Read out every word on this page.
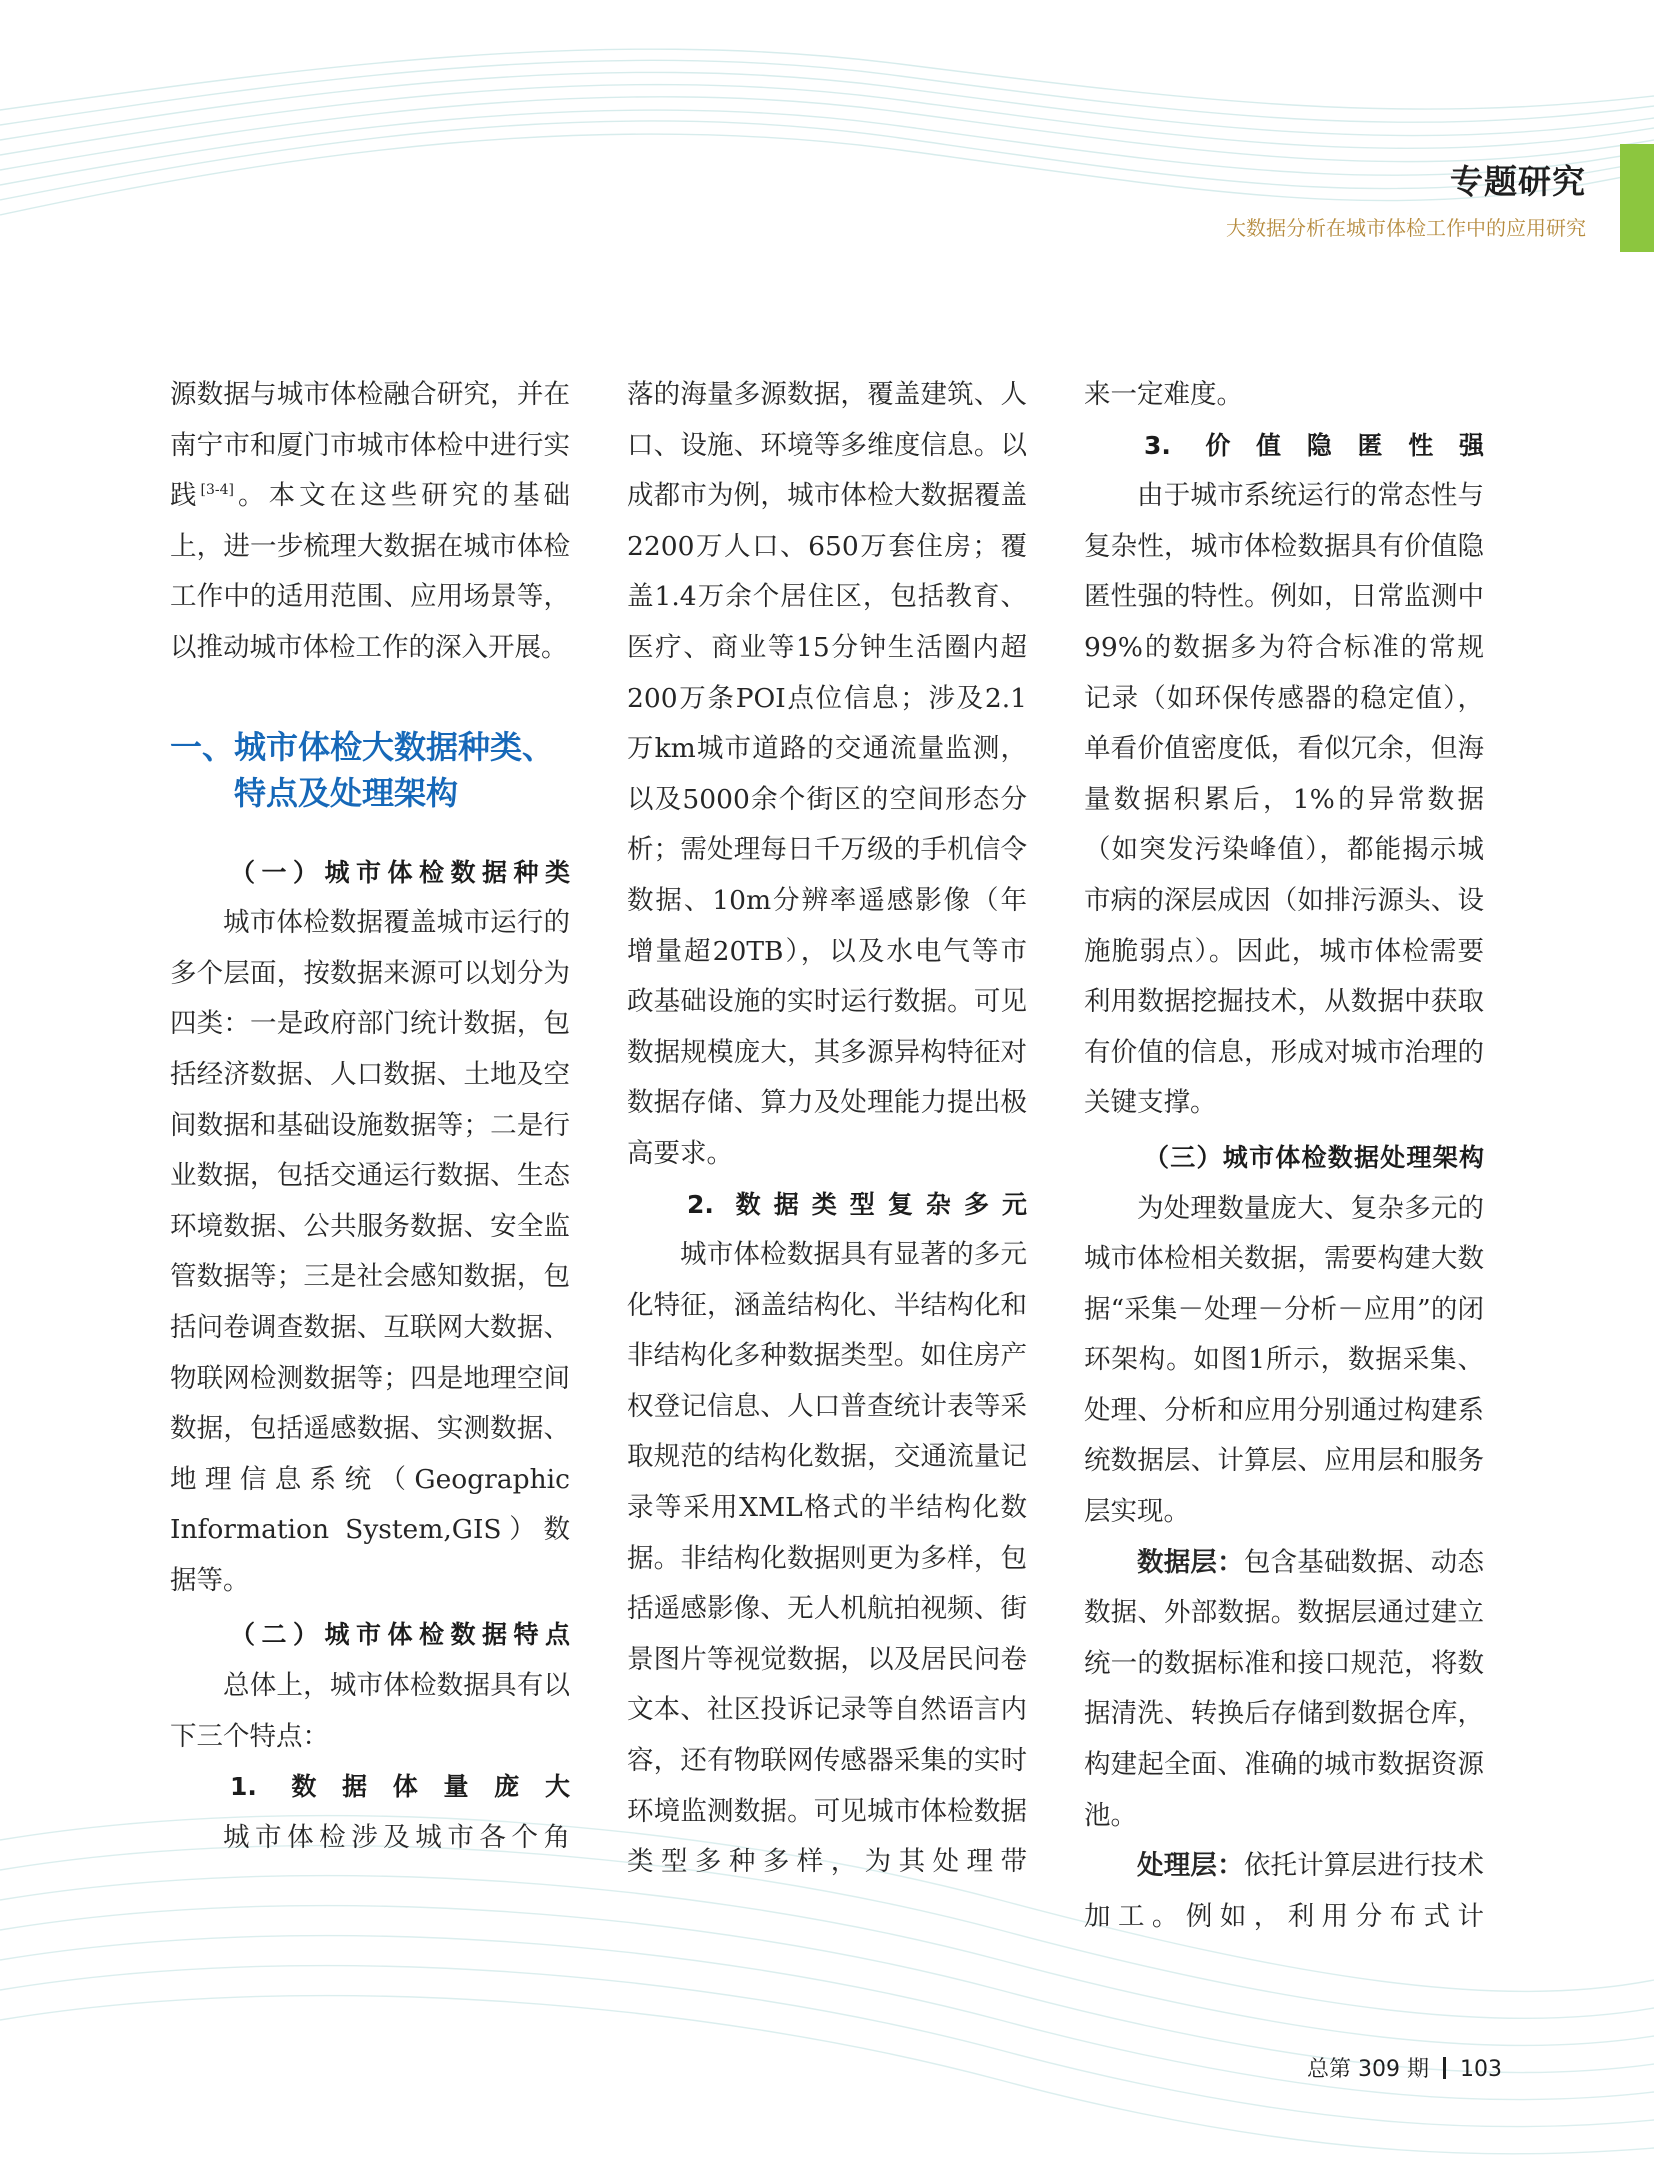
专题研究
大数据分析在城市体检工作中的应用研究

源数据与城市体检融合研究，并在南宁市和厦门市城市体检中进行实践[3-4]。本文在这些研究的基础上，进一步梳理大数据在城市体检工作中的适用范围、应用场景等，以推动城市体检工作的深入开展。

一、 城市体检大数据种类、特点及处理架构

（一）城市体检数据种类

城市体检数据覆盖城市运行的多个层面，按数据来源可以划分为四类：一是政府部门统计数据，包括经济数据、人口数据、土地及空间数据和基础设施数据等；二是行业数据，包括交通运行数据、生态环境数据、公共服务数据、安全监管数据等；三是社会感知数据，包括问卷调查数据、互联网大数据、物联网检测数据等；四是地理空间数据，包括遥感数据、实测数据、地理信息系统（Geographic Information System,GIS）数据等。

（二）城市体检数据特点

总体上，城市体检数据具有以下三个特点：

1. 数据体量庞大

城市体检涉及城市各个角

落的海量多源数据，覆盖建筑、人口、设施、环境等多维度信息。以成都市为例，城市体检大数据覆盖2200万人口、650万套住房；覆盖1.4万余个居住区，包括教育、医疗、商业等15分钟生活圈内超200万条POI点位信息；涉及2.1万km城市道路的交通流量监测，以及5000余个街区的空间形态分析；需处理每日千万级的手机信令数据、10m分辨率遥感影像（年增量超20TB），以及水电气等市政基础设施的实时运行数据。可见数据规模庞大，其多源异构特征对数据存储、算力及处理能力提出极高要求。

2. 数据类型复杂多元

城市体检数据具有显著的多元化特征，涵盖结构化、半结构化和非结构化多种数据类型。如住房产权登记信息、人口普查统计表等采取规范的结构化数据，交通流量记录等采用XML格式的半结构化数据。非结构化数据则更为多样，包括遥感影像、无人机航拍视频、街景图片等视觉数据，以及居民问卷文本、社区投诉记录等自然语言内容，还有物联网传感器采集的实时环境监测数据。可见城市体检数据类型多种多样，为其处理带

来一定难度。

3. 价值隐匿性强

由于城市系统运行的常态性与复杂性，城市体检数据具有价值隐匿性强的特性。例如，日常监测中99%的数据多为符合标准的常规记录（如环保传感器的稳定值），单看价值密度低，看似冗余，但海量数据积累后，1%的异常数据（如突发污染峰值），都能揭示城市病的深层成因（如排污源头、设施脆弱点）。因此，城市体检需要利用数据挖掘技术，从数据中获取有价值的信息，形成对城市治理的关键支撑。

（三）城市体检数据处理架构

为处理数量庞大、复杂多元的城市体检相关数据，需要构建大数据“采集－处理－分析－应用”的闭环架构。如图1所示，数据采集、处理、分析和应用分别通过构建系统数据层、计算层、应用层和服务层实现。

数据层：包含基础数据、动态数据、外部数据。数据层通过建立统一的数据标准和接口规范，将数据清洗、转换后存储到数据仓库，构建起全面、准确的城市数据资源池。

处理层：依托计算层进行技术加工。例如，利用分布式计

总第 309 期 103
